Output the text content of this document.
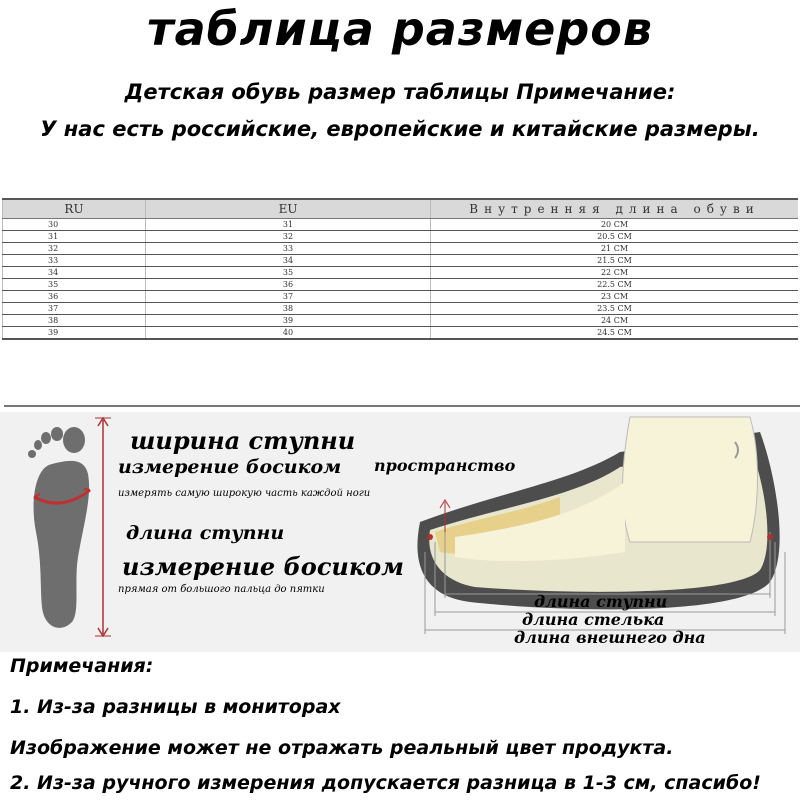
таблица размеров
Детская обувь размер таблицы Примечание:
У нас есть российские, европейские и китайские размеры.
RU	EU	Внутренняя длина обуви
30	31	20 CM
31	32	20.5 CM
32	33	21 CM
33	34	21.5 CM
34	35	22 CM
35	36	22.5 CM
36	37	23 CM
37	38	23.5 CM
38	39	24 CM
39	40	24.5 CM
ширина ступни
измерение босиком
измерять самую широкую часть каждой ноги
длина ступни
измерение босиком
прямая от большого пальца до пятки
пространство
длина ступни
длина стелька
длина внешнего дна
Примечания:
1. Из-за разницы в мониторах
Изображение может не отражать реальный цвет продукта.
2. Из-за ручного измерения допускается разница в 1-3 см, спасибо!
